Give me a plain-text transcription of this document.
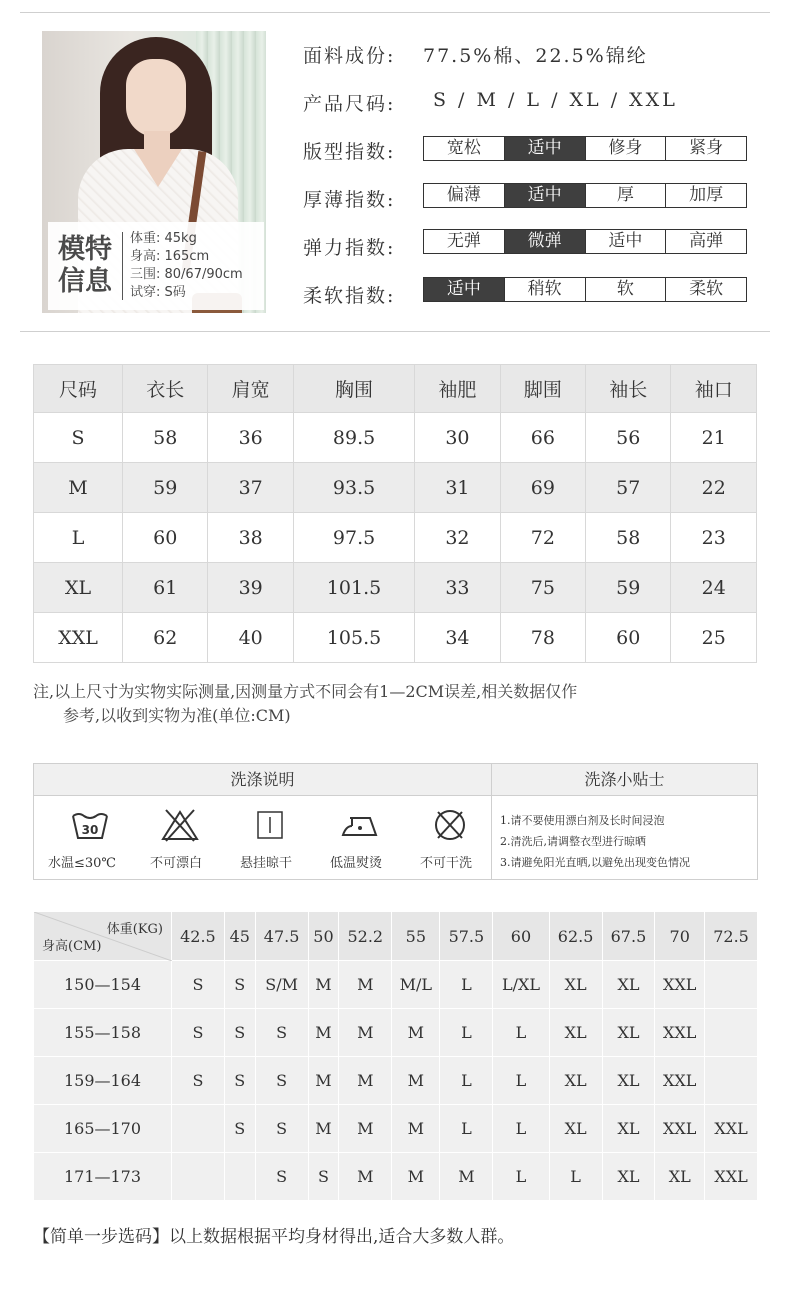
模特
信息
体重: 45kg
身高: 165cm
三围: 80/67/90cm
试穿: S码
面料成份: 77.5%棉、22.5%锦纶
产品尺码: S / M / L / XL / XXL
版型指数:	宽松	适中	修身	紧身
厚薄指数:	偏薄	适中	厚	加厚
弹力指数:	无弹	微弹	适中	高弹
柔软指数:	适中	稍软	软	柔软
尺码	衣长	肩宽	胸围	袖肥	脚围	袖长	袖口
S	58	36	89.5	30	66	56	21
M	59	37	93.5	31	69	57	22
L	60	38	97.5	32	72	58	23
XL	61	39	101.5	33	75	59	24
XXL	62	40	105.5	34	78	60	25
注,以上尺寸为实物实际测量,因测量方式不同会有1—2CM误差,相关数据仅作
参考,以收到实物为准(单位:CM)
洗涤说明	洗涤小贴士
30
水温≤30℃	不可漂白	悬挂晾干	低温熨烫	不可干洗
1.请不要使用漂白剂及长时间浸泡
2.清洗后,请调整衣型进行晾晒
3.请避免阳光直晒,以避免出现变色情况
体重(KG)
身高(CM)	42.5	45	47.5	50	52.2	55	57.5	60	62.5	67.5	70	72.5
150—154	S	S	S/M	M	M	M/L	L	L/XL	XL	XL	XXL	
155—158	S	S	S	M	M	M	L	L	XL	XL	XXL	
159—164	S	S	S	M	M	M	L	L	XL	XL	XXL	
165—170		S	S	M	M	M	L	L	XL	XL	XXL	XXL
171—173			S	S	M	M	M	L	L	XL	XL	XXL
【简单一步选码】以上数据根据平均身材得出,适合大多数人群。
